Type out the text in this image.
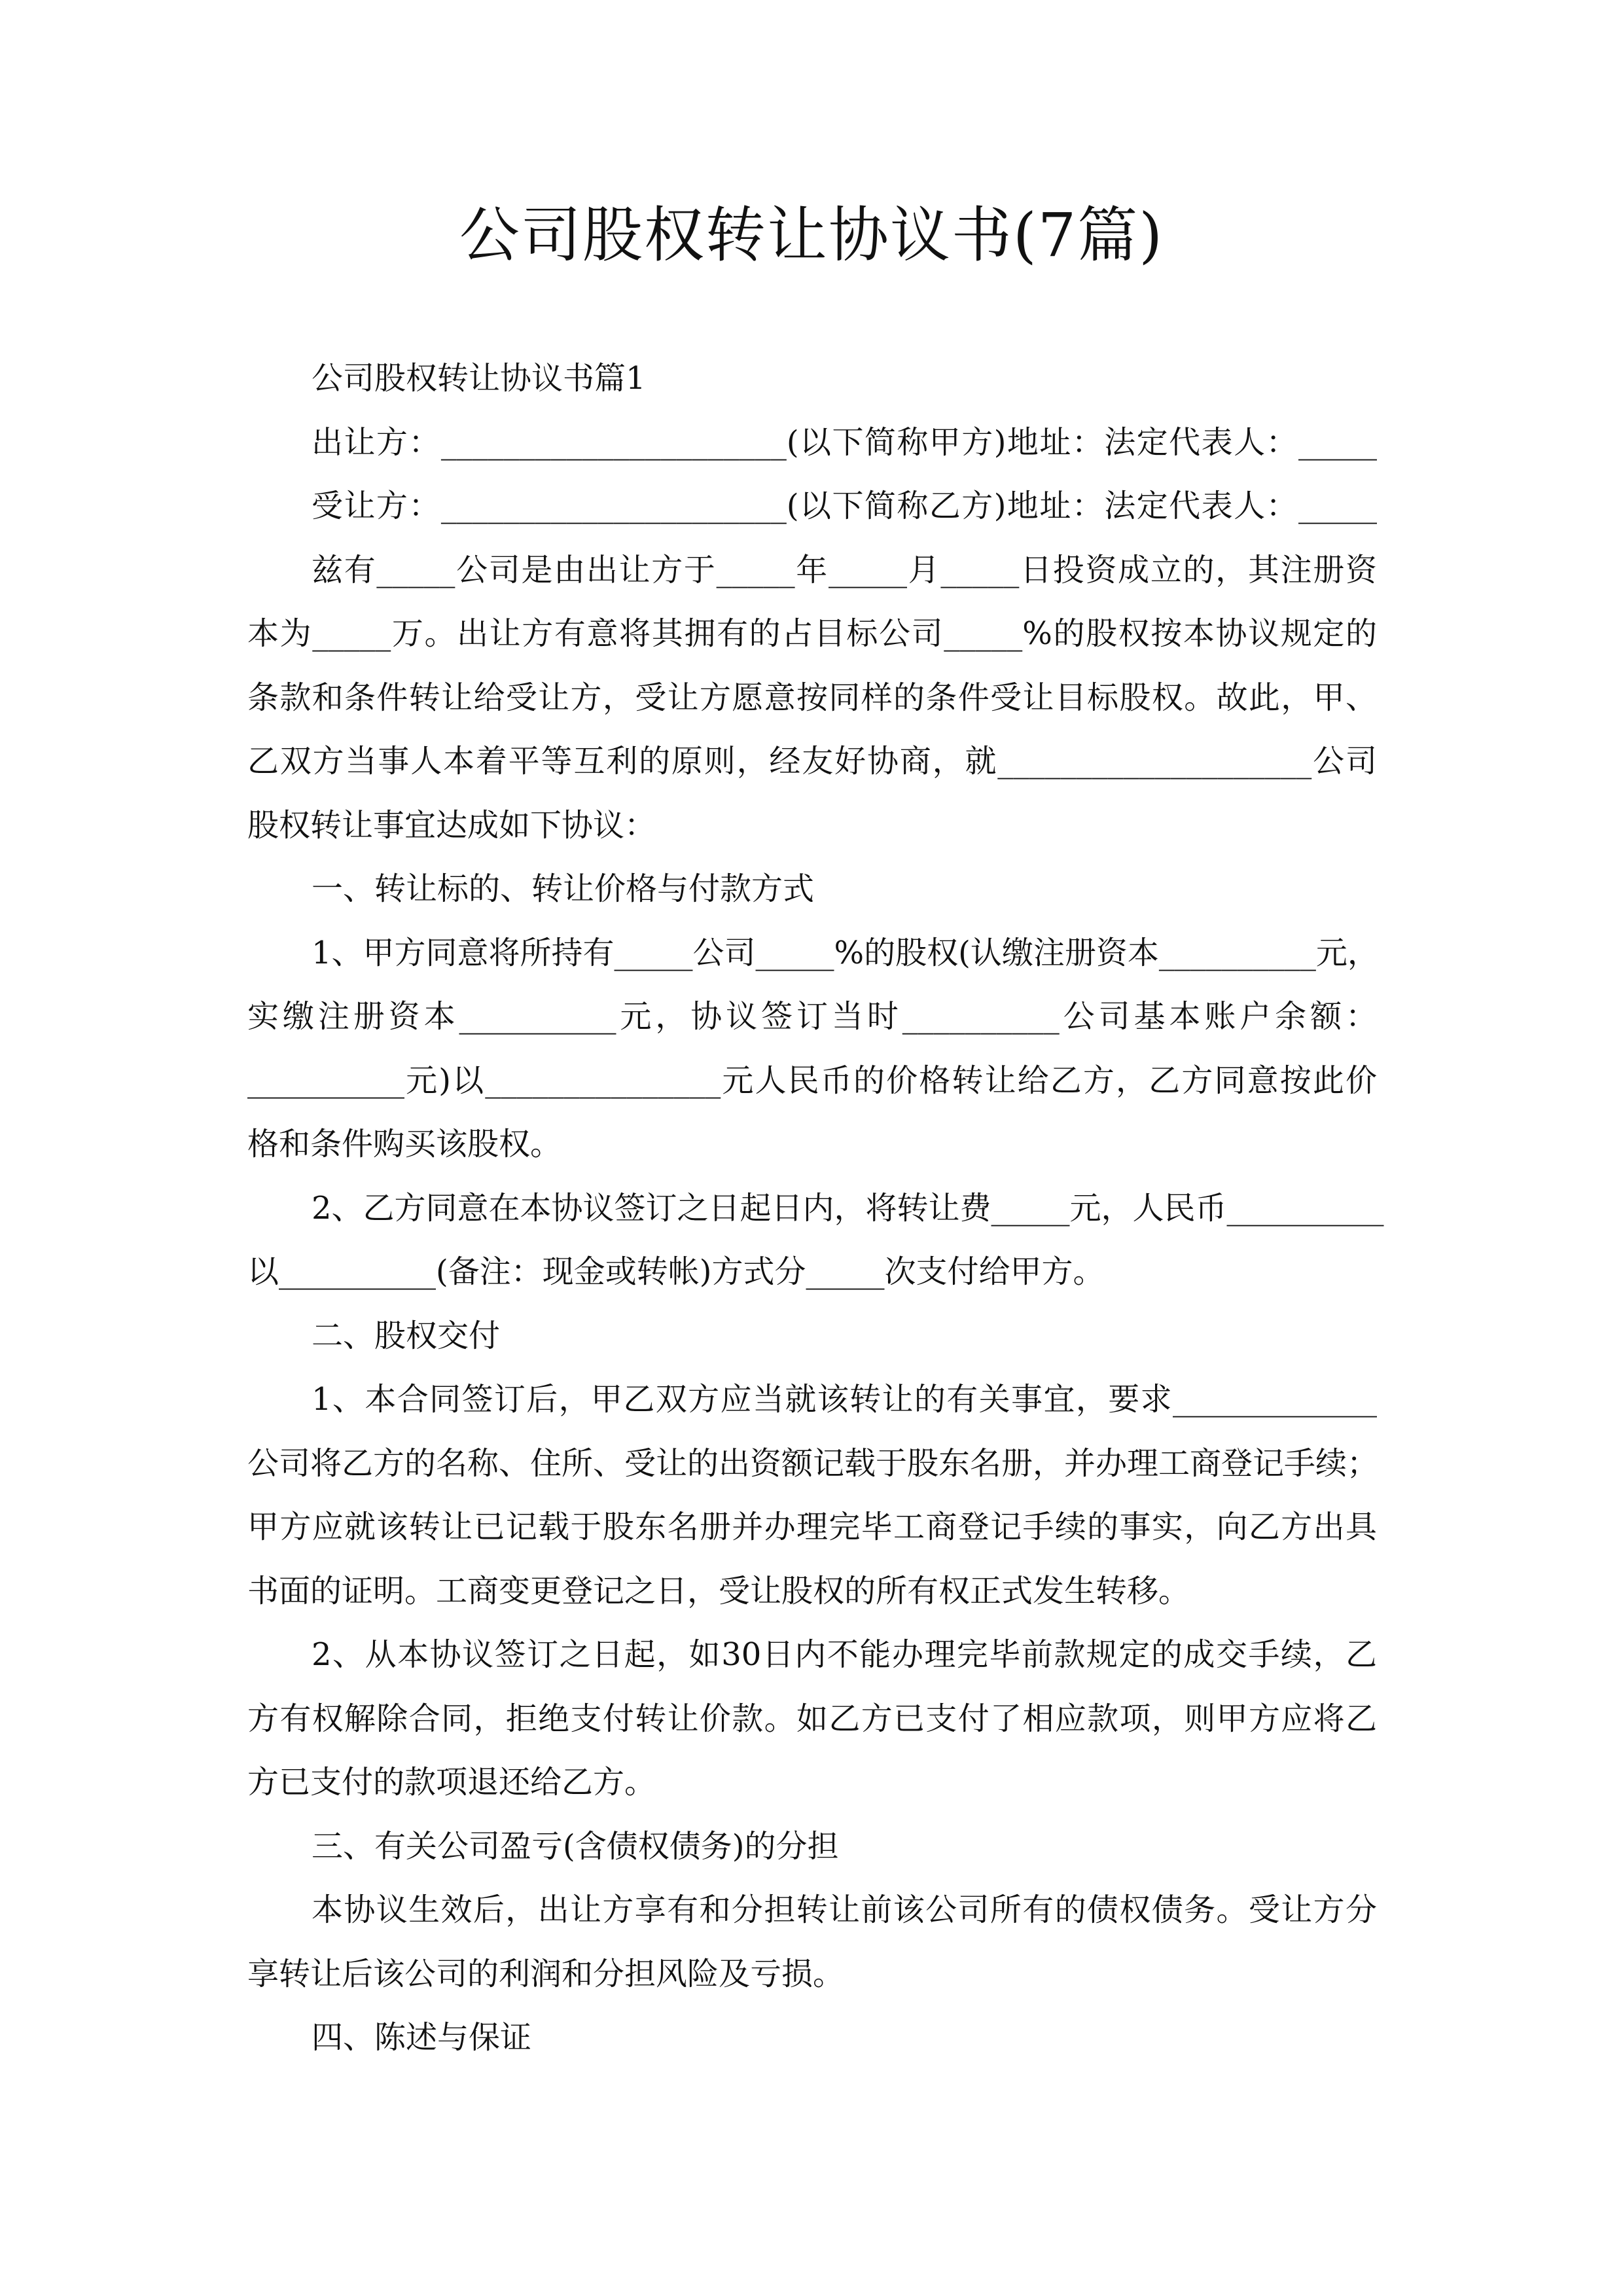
公司股权转让协议书(7篇)
公司股权转让协议书篇1
出让方：______________________(以下简称甲方)地址：法定代表人：_____
受让方：______________________(以下简称乙方)地址：法定代表人：_____
兹有_____公司是由出让方于_____年_____月_____日投资成立的，其注册资
本为_____万。出让方有意将其拥有的占目标公司_____%的股权按本协议规定的
条款和条件转让给受让方，受让方愿意按同样的条件受让目标股权。故此，甲、
乙双方当事人本着平等互利的原则，经友好协商，就____________________公司
股权转让事宜达成如下协议：
一、转让标的、转让价格与付款方式
1、甲方同意将所持有_____公司_____%的股权(认缴注册资本__________元，
实缴注册资本__________元，协议签订当时__________公司基本账户余额：
__________元)以_______________元人民币的价格转让给乙方，乙方同意按此价
格和条件购买该股权。
2、乙方同意在本协议签订之日起日内，将转让费_____元，人民币__________
以__________(备注：现金或转帐)方式分_____次支付给甲方。
二、股权交付
1、本合同签订后，甲乙双方应当就该转让的有关事宜，要求_____________
公司将乙方的名称、住所、受让的出资额记载于股东名册，并办理工商登记手续；
甲方应就该转让已记载于股东名册并办理完毕工商登记手续的事实，向乙方出具
书面的证明。工商变更登记之日，受让股权的所有权正式发生转移。
2、从本协议签订之日起，如30日内不能办理完毕前款规定的成交手续，乙
方有权解除合同，拒绝支付转让价款。如乙方已支付了相应款项，则甲方应将乙
方已支付的款项退还给乙方。
三、有关公司盈亏(含债权债务)的分担
本协议生效后，出让方享有和分担转让前该公司所有的债权债务。受让方分
享转让后该公司的利润和分担风险及亏损。
四、陈述与保证
